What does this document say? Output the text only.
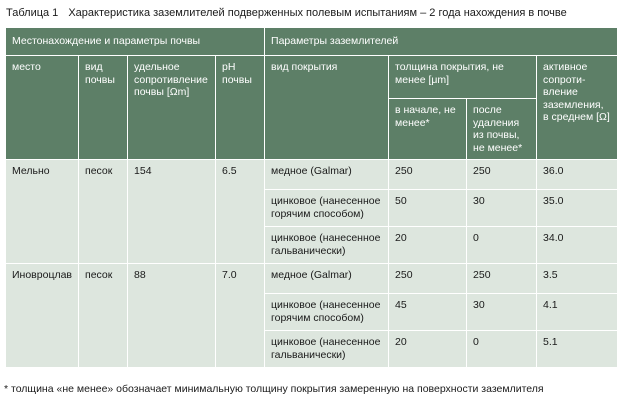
Таблица 1 Характеристика заземлителей подверженных полевым испытаниям – 2 года нахождения в почве
Местонахождение и параметры почвы				Параметры заземлителей			
место	вид почвы	удельное сопротивление почвы [Ωm]	pH почвы	вид покрытия	толщина покрытия, не менее [μm]		активное сопроти-вление заземления, в среднем [Ω]
					в начале, не менее*	после удаления из почвы, не менее*	
Мельно	песок	154	6.5	медное (Galmar)	250	250	36.0
				цинковое (нанесенное горячим способом)	50	30	35.0
				цинковое (нанесенное гальванически)	20	0	34.0
Иновроцлав	песок	88	7.0	медное (Galmar)	250	250	3.5
				цинковое (нанесенное горячим способом)	45	30	4.1
				цинковое (нанесенное гальванически)	20	0	5.1
* толщина «не менее» обозначает минимальную толщину покрытия замеренную на поверхности заземлителя
